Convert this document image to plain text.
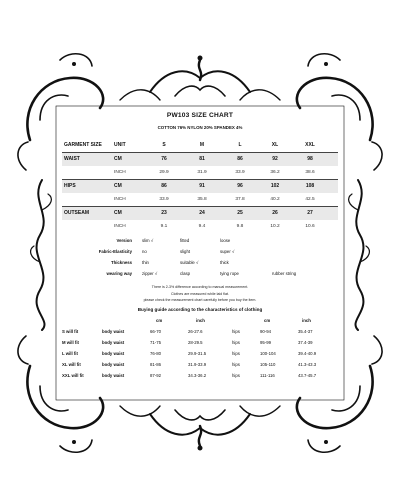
PW103 SIZE CHART
COTTON 76% NYLON 20% SPANDEX 4%
GARMENT SIZE UNIT	S	M	L	XL	XXL
WAIST	CM	76	81	86	92	98
INCH	29.9	31.9	33.9	36.2	38.6
HIPS	CM	86	91	96	102	108
INCH	33.9	35.8	37.8	40.2	42.5
OUTSEAM	CM	23	24	25	26	27
INCH	9.1	9.4	9.8	10.2	10.6
Version slim √	fitted	loose
Fabric-Elasticity no	slight	super √
Thickness thin	suitable √	thick
wearing way zipper √	clasp	tying rope	rubber string
There is 2-3% difference according to manual measurement.
Clothes are measured while laid flat.
please check the measurement chart carefully before you buy the item.
Buying guide according to the characteristics of clothing
cm	inch	cm	inch
S will fit	body waist	66-70	26-27.6	hips	90-94	35.4-37
M will fit	body waist	71-75	28-29.5	hips	95-99	37.4-39
L will fit	body waist	76-80	29.9-31.5	hips	100-104	39.4-40.9
XL will fit	body waist	81-86	31.9-33.9	hips	105-110	41.3-43.3
XXL will fit	body waist	87-92	34.3-36.2	hips	111-116	43.7-45.7
